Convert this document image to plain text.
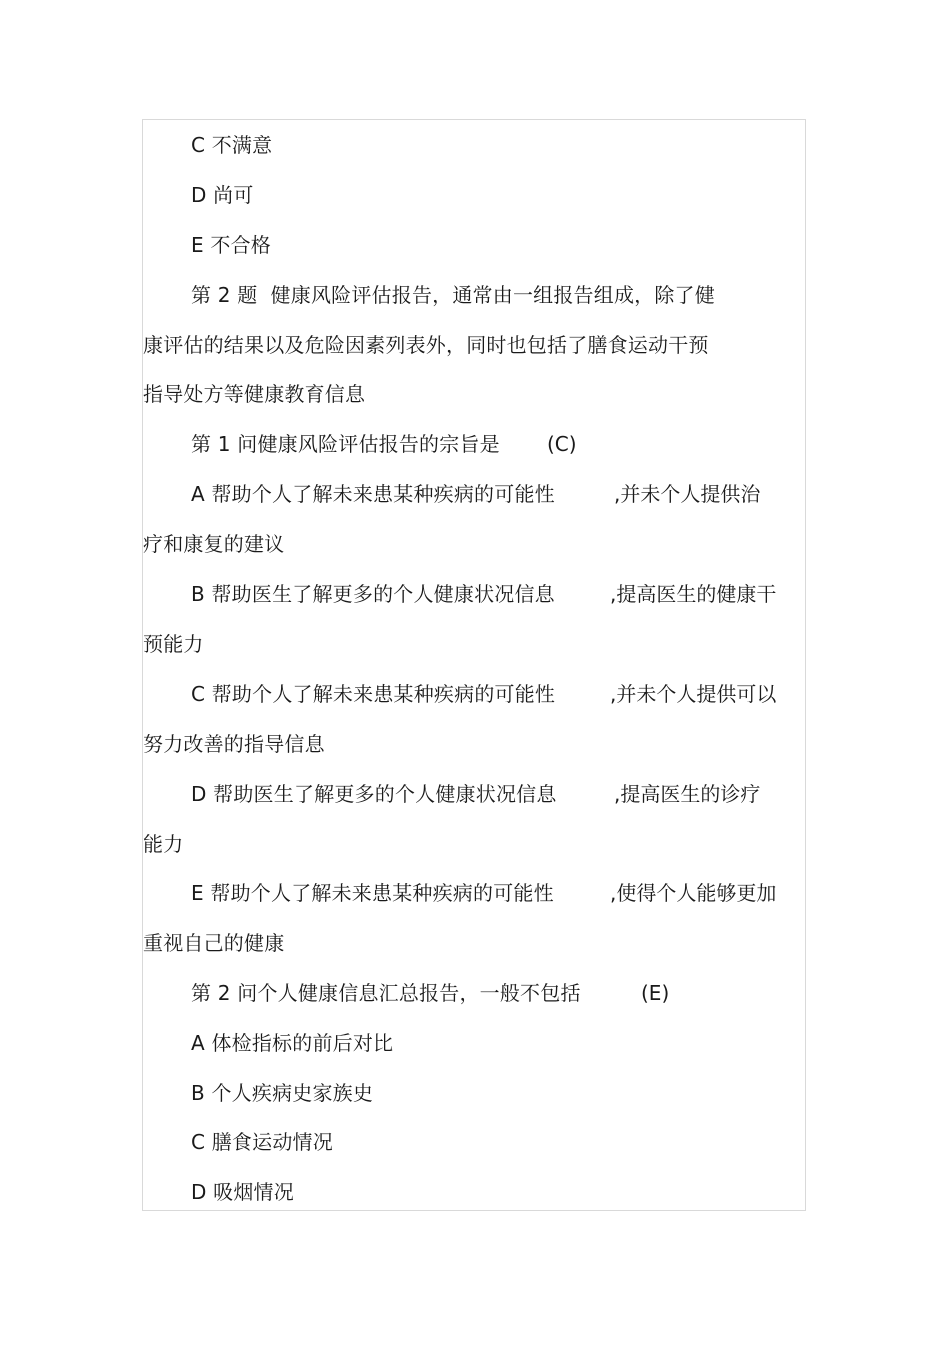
C 不满意
D 尚可
E 不合格
第 2 题  健康风险评估报告，通常由一组报告组成，除了健
康评估的结果以及危险因素列表外，同时也包括了膳食运动干预
指导处方等健康教育信息
第 1 问健康风险评估报告的宗旨是 (C)
A 帮助个人了解未来患某种疾病的可能性	,并未个人提供治
疗和康复的建议
B 帮助医生了解更多的个人健康状况信息	,提高医生的健康干
预能力
C 帮助个人了解未来患某种疾病的可能性	,并未个人提供可以
努力改善的指导信息
D 帮助医生了解更多的个人健康状况信息	,提高医生的诊疗
能力
E 帮助个人了解未来患某种疾病的可能性	,使得个人能够更加
重视自己的健康
第 2 问个人健康信息汇总报告，一般不包括	(E)
A 体检指标的前后对比
B 个人疾病史家族史
C 膳食运动情况
D 吸烟情况
